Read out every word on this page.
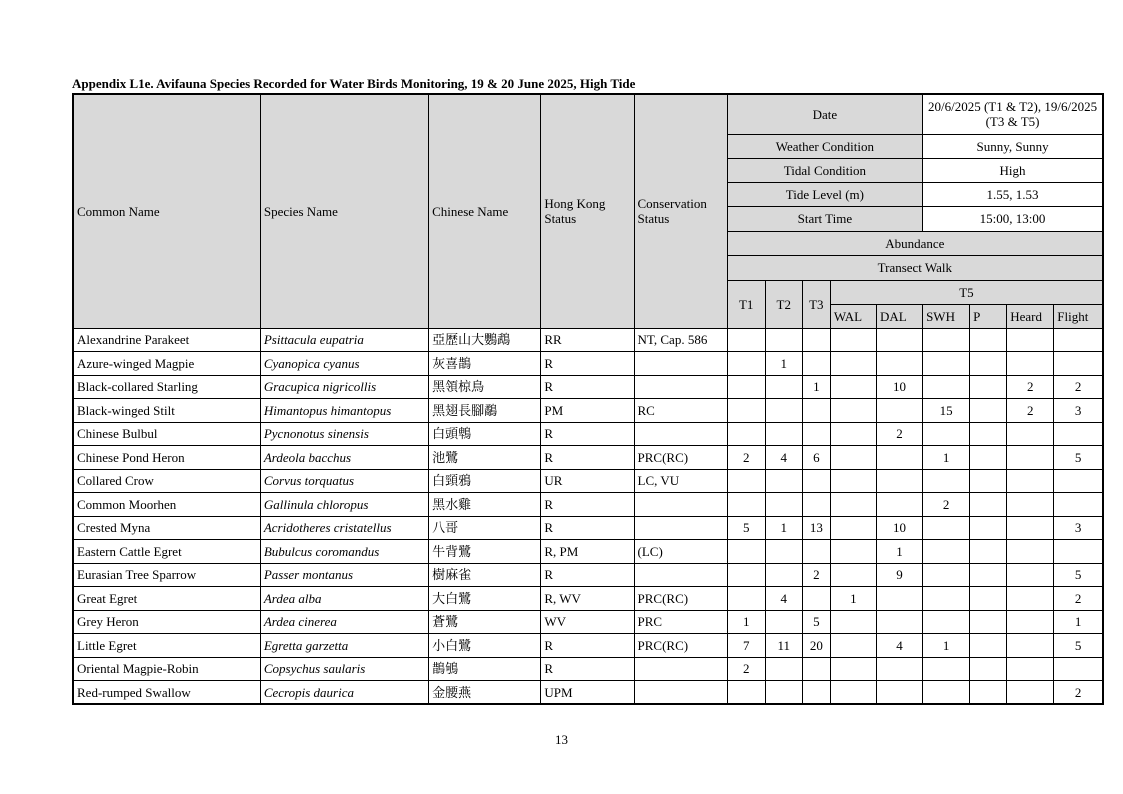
Appendix L1e. Avifauna Species Recorded for Water Birds Monitoring, 19 & 20 June 2025, High Tide
Common Name	Species Name	Chinese Name	Hong Kong Status	Conservation Status	Date					20/6/2025 (T1 & T2), 19/6/2025 (T3 & T5)			
					Weather Condition					Sunny, Sunny			
					Tidal Condition					High			
					Tide Level (m)					1.55, 1.53			
					Start Time					15:00, 13:00			
					Abundance								
					Transect Walk								
					T1	T2	T3	T5					
								WAL	DAL	SWH	P	Heard	Flight
Alexandrine Parakeet	Psittacula eupatria	亞歷山大鸚鵡	RR	NT, Cap. 586									
Azure-winged Magpie	Cyanopica cyanus	灰喜鵲	R			1							
Black-collared Starling	Gracupica nigricollis	黑領椋鳥	R				1		10			2	2
Black-winged Stilt	Himantopus himantopus	黑翅長腳鷸	PM	RC						15		2	3
Chinese Bulbul	Pycnonotus sinensis	白頭鵯	R						2				
Chinese Pond Heron	Ardeola bacchus	池鷺	R	PRC(RC)	2	4	6			1			5
Collared Crow	Corvus torquatus	白頸鴉	UR	LC, VU									
Common Moorhen	Gallinula chloropus	黑水雞	R							2			
Crested Myna	Acridotheres cristatellus	八哥	R		5	1	13		10				3
Eastern Cattle Egret	Bubulcus coromandus	牛背鷺	R, PM	(LC)					1				
Eurasian Tree Sparrow	Passer montanus	樹麻雀	R				2		9				5
Great Egret	Ardea alba	大白鷺	R, WV	PRC(RC)		4		1					2
Grey Heron	Ardea cinerea	蒼鷺	WV	PRC	1		5						1
Little Egret	Egretta garzetta	小白鷺	R	PRC(RC)	7	11	20		4	1			5
Oriental Magpie-Robin	Copsychus saularis	鵲鴝	R		2								
Red-rumped Swallow	Cecropis daurica	金腰燕	UPM										2
13
